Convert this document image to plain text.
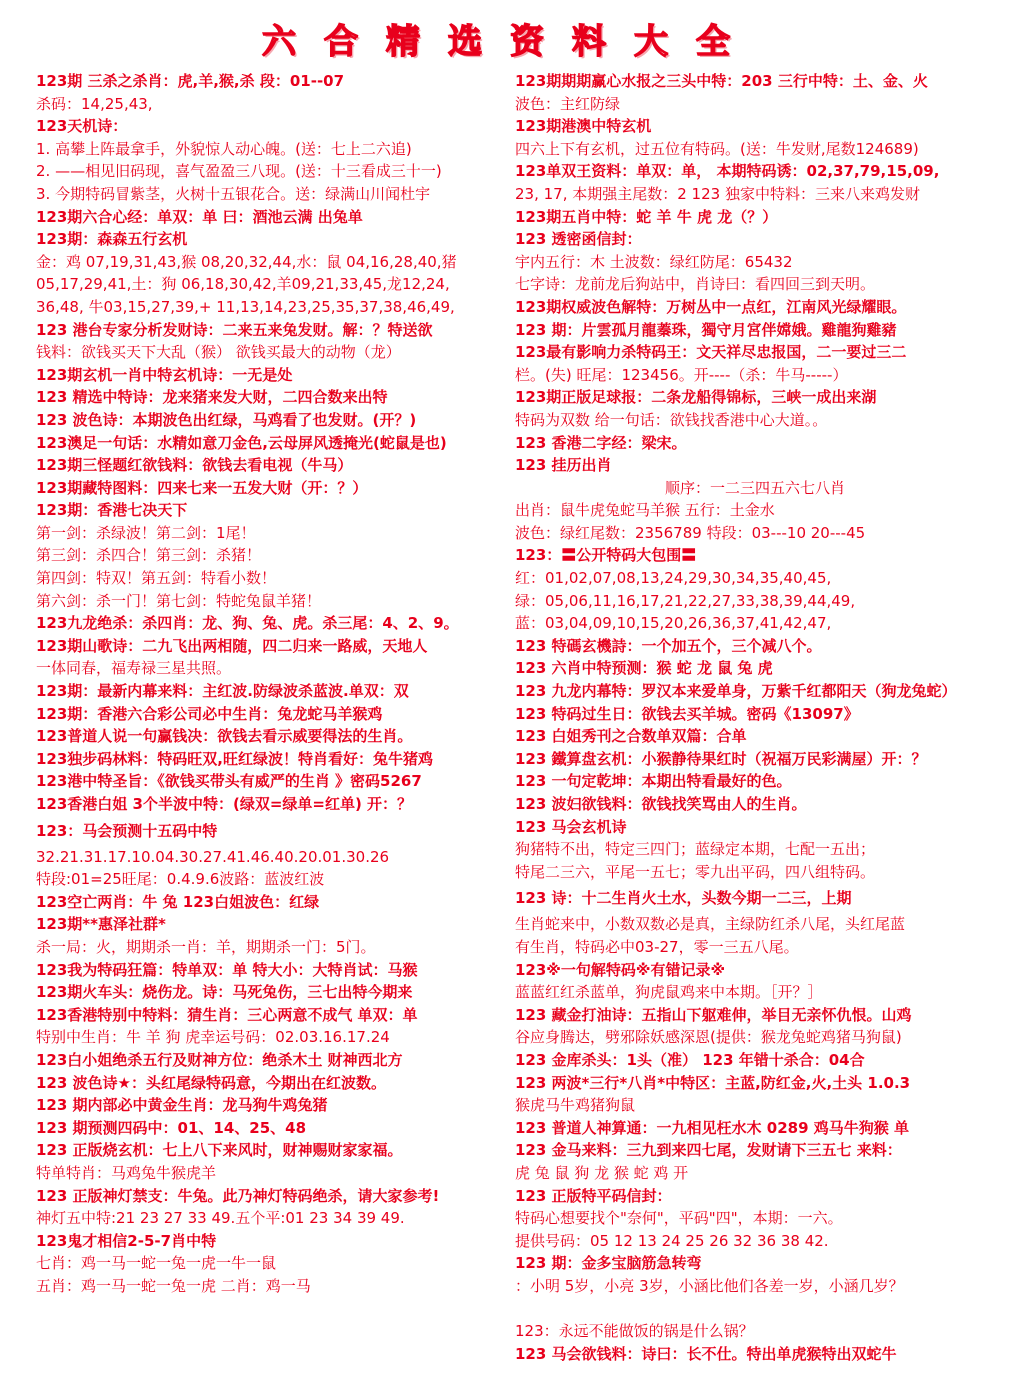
六合精选资料大全
123期 三杀之杀肖：虎,羊,猴,杀 段：01--07
杀码：14,25,43,
123天机诗：
1. 高攀上阵最拿手，外貌惊人动心魄。(送：七上二六追)
2. ——相见旧码现，喜气盈盈三八现。(送：十三看成三十一)
3. 今期特码冒紫茎，火树十五银花合。送：绿满山川闻杜宇
123期六合心经：单双：单 曰：酒池云满 出兔单
123期：森森五行玄机
金：鸡 07,19,31,43,猴 08,20,32,44,水：鼠 04,16,28,40,猪
05,17,29,41,土：狗 06,18,30,42,羊09,21,33,45,龙12,24,
36,48, 牛03,15,27,39,+ 11,13,14,23,25,35,37,38,46,49,
123 港台专家分析发财诗：二来五来兔发财。解：？特送欲
钱料：欲钱买天下大乱（猴） 欲钱买最大的动物（龙）
123期玄机一肖中特玄机诗：一无是处
123 精选中特诗：龙来猪来发大财，二四合数来出特
123 波色诗：本期波色出红绿，马鸡看了也发财。(开？)
123澳足一句话：水精如意刀金色,云母屏风透掩光(蛇鼠是也)
123期三怪题红欲钱料：欲钱去看电视（牛马）
123期藏特图料：四来七来一五发大财（开：？）
123期：香港七决天下
第一剑：杀绿波！第二剑：1尾！
第三剑：杀四合！第三剑：杀猪！
第四剑：特双！第五剑：特看小数！
第六剑：杀一门！第七剑：特蛇兔鼠羊猪！
123九龙绝杀：杀四肖：龙、狗、兔、虎。杀三尾：4、2、9。
123期山歌诗：二九飞出两相随，四二归来一路威，天地人
一体同春，福寿禄三星共照。
123期：最新内幕来料：主红波.防绿波杀蓝波.单双：双
123期：香港六合彩公司必中生肖：兔龙蛇马羊猴鸡
123普道人说一句赢钱决：欲钱去看示威要得法的生肖。
123独步码林料：特码旺双,旺红绿波！特肖看好：兔牛猪鸡
123港中特圣旨：《欲钱买带头有威严的生肖 》密码5267
123香港白姐 3个半波中特：(绿双=绿单=红单) 开：？
123：马会预测十五码中特
32.21.31.17.10.04.30.27.41.46.40.20.01.30.26
特段:01=25旺尾：0.4.9.6波路：蓝波红波
123空亡两肖：牛 兔 123白姐波色：红绿
123期**惠泽社群*
杀一局：火，期期杀一肖：羊，期期杀一门：5门。
123我为特码狂篇：特单双：单 特大小：大特肖试：马猴
123期火车头：烧伤龙。诗：马死兔伤，三七出特今期来
123香港特别中特料：猜生肖：三心两意不成气 单双：单
特别中生肖：牛 羊 狗 虎幸运号码：02.03.16.17.24
123白小姐绝杀五行及财神方位：绝杀木土 财神西北方
123 波色诗★：头红尾绿特码意，今期出在红波数。
123 期内部必中黄金生肖：龙马狗牛鸡兔猪
123 期预测四码中：01、14、25、48
123 正版烧玄机：七上八下来风时，财神赐财家家福。
特单特肖：马鸡兔牛猴虎羊
123 正版神灯禁支：牛兔。此乃神灯特码绝杀，请大家参考!
神灯五中特:21 23 27 33 49.五个平:01 23 34 39 49.
123鬼才相信2-5-7肖中特
七肖：鸡一马一蛇一兔一虎一牛一鼠
五肖：鸡一马一蛇一兔一虎 二肖：鸡一马
123期期期赢心水报之三头中特：203 三行中特：土、金、火
波色：主红防绿
123期港澳中特玄机
四六上下有玄机，过五位有特码。(送：牛发财,尾数124689)
123单双王资料：单双：单， 本期特码诱：02,37,79,15,09,
23, 17, 本期强主尾数：2 123 独家中特料：三来八来鸡发财
123期五肖中特：蛇 羊 牛 虎 龙（？）
123 透密函信封：
宇内五行：木 土波数：绿红防尾：65432
七字诗：龙前龙后狗站中，肖诗曰：看四回三到天明。
123期权威波色解特：万树丛中一点红，江南风光绿耀眼。
123 期：片雲孤月龍蓁珠，獨守月宮伴嫦娥。雞龍狗雞豬
123最有影响力杀特码王：文天祥尽忠报国，二一要过三二
栏。(失) 旺尾：123456。开----（杀：牛马-----）
123期正版足球报：二条龙船得锦标，三峡一成出来湖
特码为双数 给一句话：欲钱找香港中心大道。。
123 香港二字经：梁宋。
123 挂历出肖
顺序：一二三四五六七八肖
出肖：鼠牛虎兔蛇马羊猴 五行：土金水
波色：绿红尾数：2356789 特段：03---10 20---45
123：〓公开特码大包围〓
红：01,02,07,08,13,24,29,30,34,35,40,45,
绿：05,06,11,16,17,21,22,27,33,38,39,44,49,
蓝：03,04,09,10,15,20,26,36,37,41,42,47,
123 特碼玄機詩：一个加五个，三个减八个。
123 六肖中特预测：猴 蛇 龙 鼠 兔 虎
123 九龙内幕特：罗汉本来爱单身，万紫千红都阳天（狗龙兔蛇）
123 特码过生日：欲钱去买羊城。密码《13097》
123 白姐秀刊之合数单双篇：合单
123 鐵算盘玄机：小猴静待果红时（祝福万民彩满屋）开：？
123 一句定乾坤：本期出特看最好的色。
123 波妇欲钱料：欲钱找笑骂由人的生肖。
123 马会玄机诗
狗猪特不出，特定三四门；蓝绿定本期，七配一五出；
特尾二三六，平尾一五七；零九出平码，四八组特码。
123 诗：十二生肖火土水，头数今期一二三，上期
生肖蛇来中，小数双数必是真，主绿防红杀八尾，头红尾蓝
有生肖，特码必中03-27，零一三五八尾。
123※一句解特码※有错记录※
蓝蓝红红杀蓝单，狗虎鼠鸡来中本期。［开？］
123 藏金打油诗：五指山下躯难伸，举目无亲怀仇恨。山鸡
谷应身腾达，劈邪除妖感深恩(提供：猴龙兔蛇鸡猪马狗鼠)
123 金库杀头：1头（准） 123 年错十杀合：04合
123 两波*三行*八肖*中特区：主蓝,防红金,火,土头 1.0.3
猴虎马牛鸡猪狗鼠
123 普道人神算通：一九相见枉水木 0289 鸡马牛狗猴 单
123 金马来料：三九到来四七尾，发财请下三五七 来料：
虎 兔 鼠 狗 龙 猴 蛇 鸡 开
123 正版特平码信封：
特码心想要找个"奈何"，平码"四"，本期：一六。
提供号码：05 12 13 24 25 26 32 36 38 42.
123 期：金多宝脑筋急转弯
：小明 5岁，小亮 3岁，小涵比他们各差一岁，小涵几岁？
123：永远不能做饭的锅是什么锅？
123 马会欲钱料：诗曰：长不仕。特出单虎猴特出双蛇牛
